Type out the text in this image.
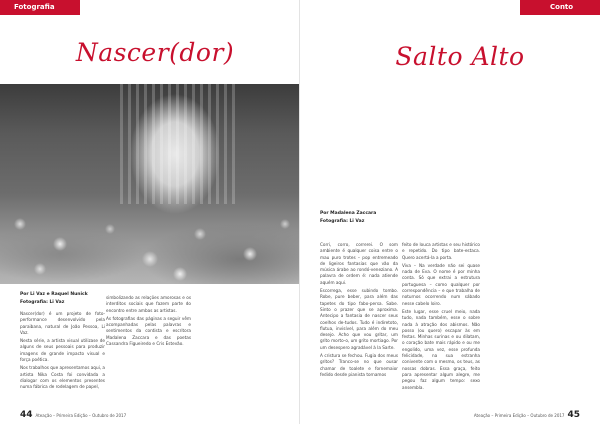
Fotografia
Nascer(dor)
Por Li Vaz e Raquel Nunick
Fotografia: Li Vaz

Nascer(dor) é um projeto de foto-performance desenvolvido pela paraibana, natural de João Pessoa, Li Vaz.

Nesta série, a artista visual utilizase de alguns de seus pessoais para produzir imagens de grande impacto visual e força poética.

Nos trabalhos que apresentamos aqui, a artista Nika Costa foi convidada a dialogar com os elementos presentes numa fábrica de rodelagem de papel,

simbolizando as relações amorosas e os interditos sociais que fazem parte do encontro entre ambas as artistas.

As fotografias das páginas a seguir vêm acompanhadas pelas palavras e sentimentos da contista e escritora Madalena Zaccara e das poetas Cassandra Figueiredo e Cris Estevão.

44 Ateação – Primeira Edição – Outubro de 2017
Conto
Salto Alto
Por Madalena Zaccara
Fotografia: Li Vaz

Corri, corro, correrei. O som ambiente é qualquer coisa entre o mau puro trotes – pop entremeado de ligeiros fantasias que vão da música árabe ao rondó-veneziano. A palavra de ordem é: nada atiende aquém aqui.

Escorrega, esse subindo tombo. Robe, pure beber, para além das tapetes do tipo fabo-persa. Sabe. Sinto o prazer que se aproxima. Antecipo a fantasia de nascer seus coelhos de-tudos. Tudo é indiretoto, flutua, invisível, para além do meu desejo. Acho que vou gritar, um grito morto-o, um grito mortiago. Por um desespero agradável à la Sarte.

A cristura se fechou. Fugia dos meus gritos? Tranco-se no que ousar chamar de toalete e fornemaior fedido desde pianista tornamos

feito de louca artistas e seu histórico e repetido. Do tipo bate-estaca. Quero acertá-la a porta.

Viva – Na verdade não sei quase nada de Eva. O nome é por minha conta. Só que extrai a estrutura portuguesa – como qualquer por correspondência – e que trabalha de noturnos ocorrendo num sábado nesse cabelo loiro.

Este lugar, esse cruel meio, nada tudo, nada também, esse o sobre nada à atração dos abismos. Não posso (ou quero) escapar às em festas. Minhas surinas e ou dilatam, o coração bate mais rápido e ou me engolido, uma vez, esse profunda felicidade, na sua estranha conivente com o mesmo, os teus, as nossas dobras. Essa graça, feito para apresentar algum alegre, me pegou faz algum tempo: sexo ansembla.

Ateação – Primeira Edição – Outubro de 2017 45
